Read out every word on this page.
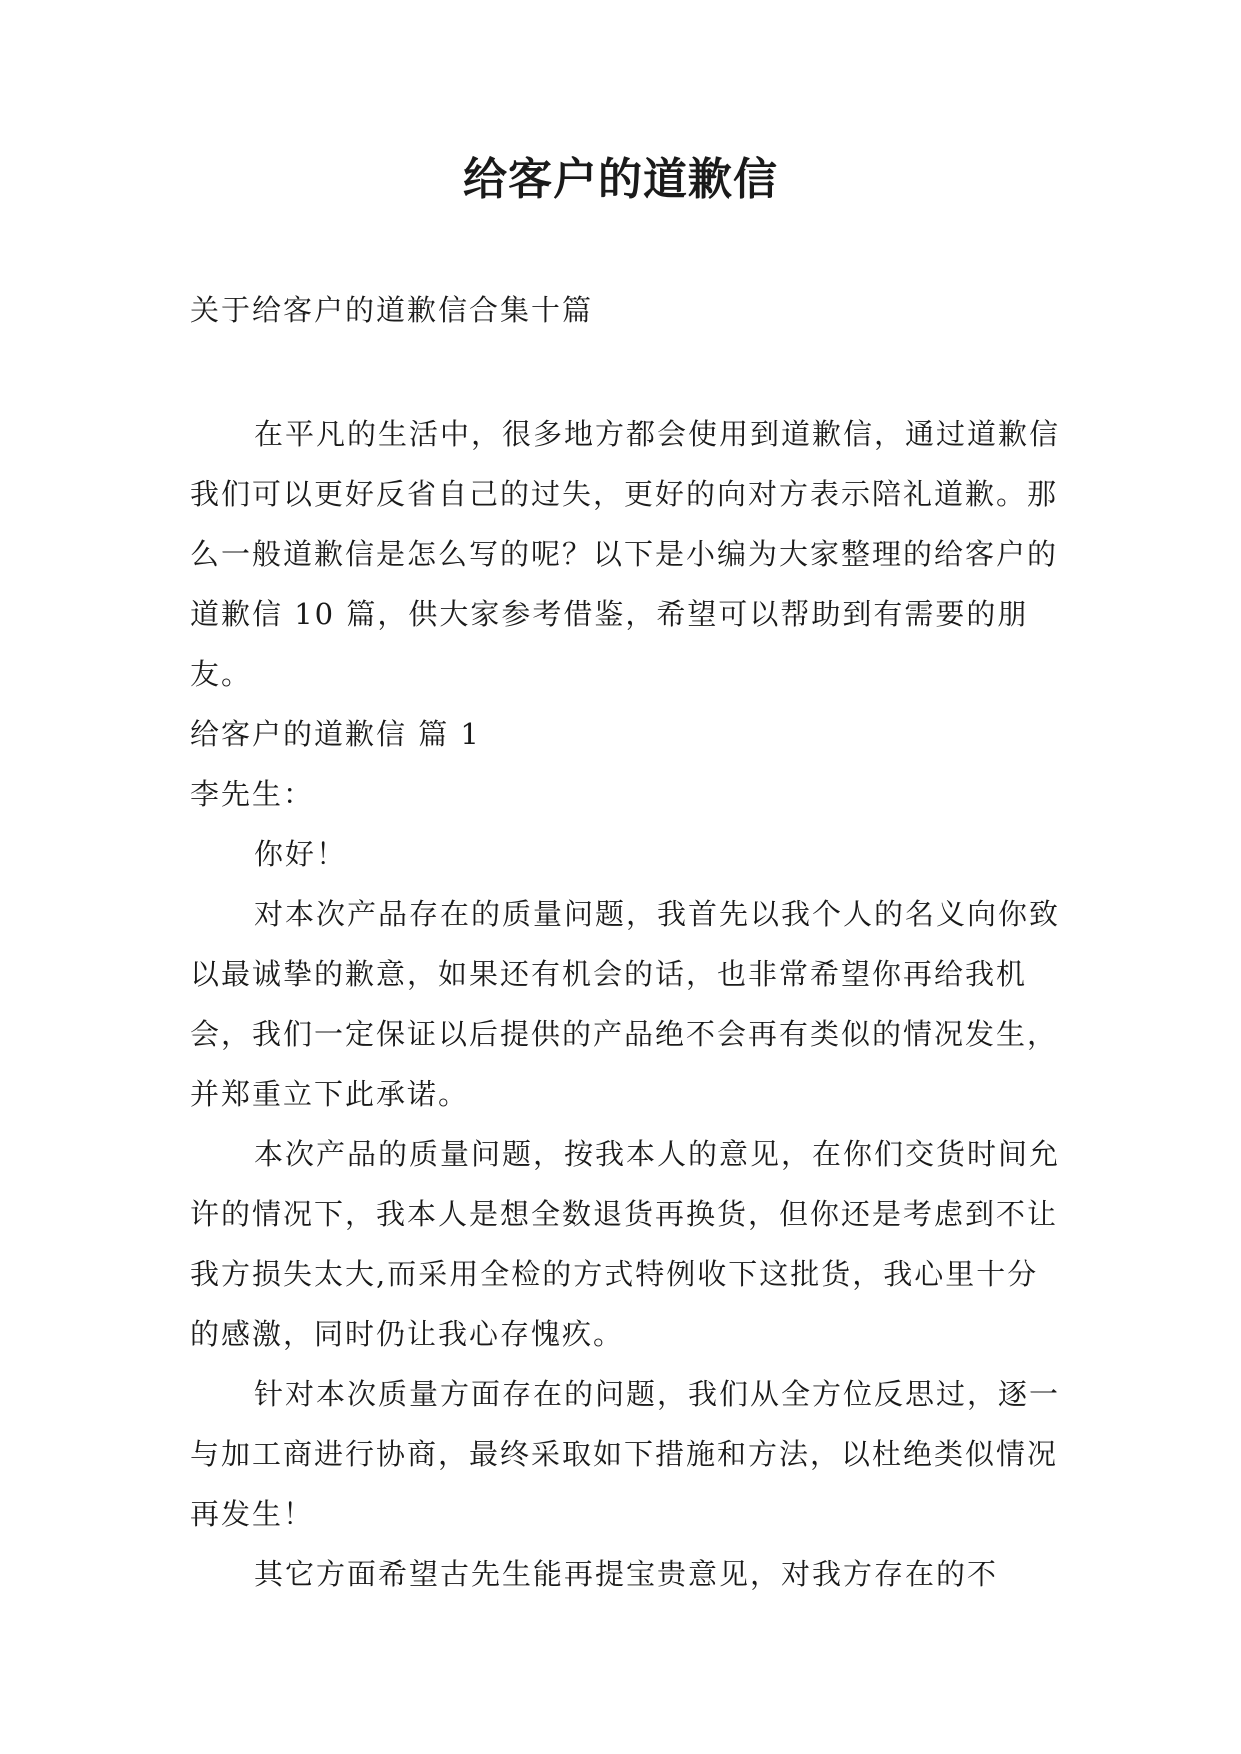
给客户的道歉信

关于给客户的道歉信合集十篇

在平凡的生活中，很多地方都会使用到道歉信，通过道歉信我们可以更好反省自己的过失，更好的向对方表示陪礼道歉。那么一般道歉信是怎么写的呢？以下是小编为大家整理的给客户的道歉信 10 篇，供大家参考借鉴，希望可以帮助到有需要的朋友。

给客户的道歉信 篇 1

李先生：

你好！

对本次产品存在的质量问题，我首先以我个人的名义向你致以最诚挚的歉意，如果还有机会的话，也非常希望你再给我机会，我们一定保证以后提供的产品绝不会再有类似的情况发生，并郑重立下此承诺。

本次产品的质量问题，按我本人的意见，在你们交货时间允许的情况下，我本人是想全数退货再换货，但你还是考虑到不让我方损失太大,而采用全检的方式特例收下这批货，我心里十分的感激，同时仍让我心存愧疚。

针对本次质量方面存在的问题，我们从全方位反思过，逐一与加工商进行协商，最终采取如下措施和方法，以杜绝类似情况再发生！

其它方面希望古先生能再提宝贵意见，对我方存在的不
